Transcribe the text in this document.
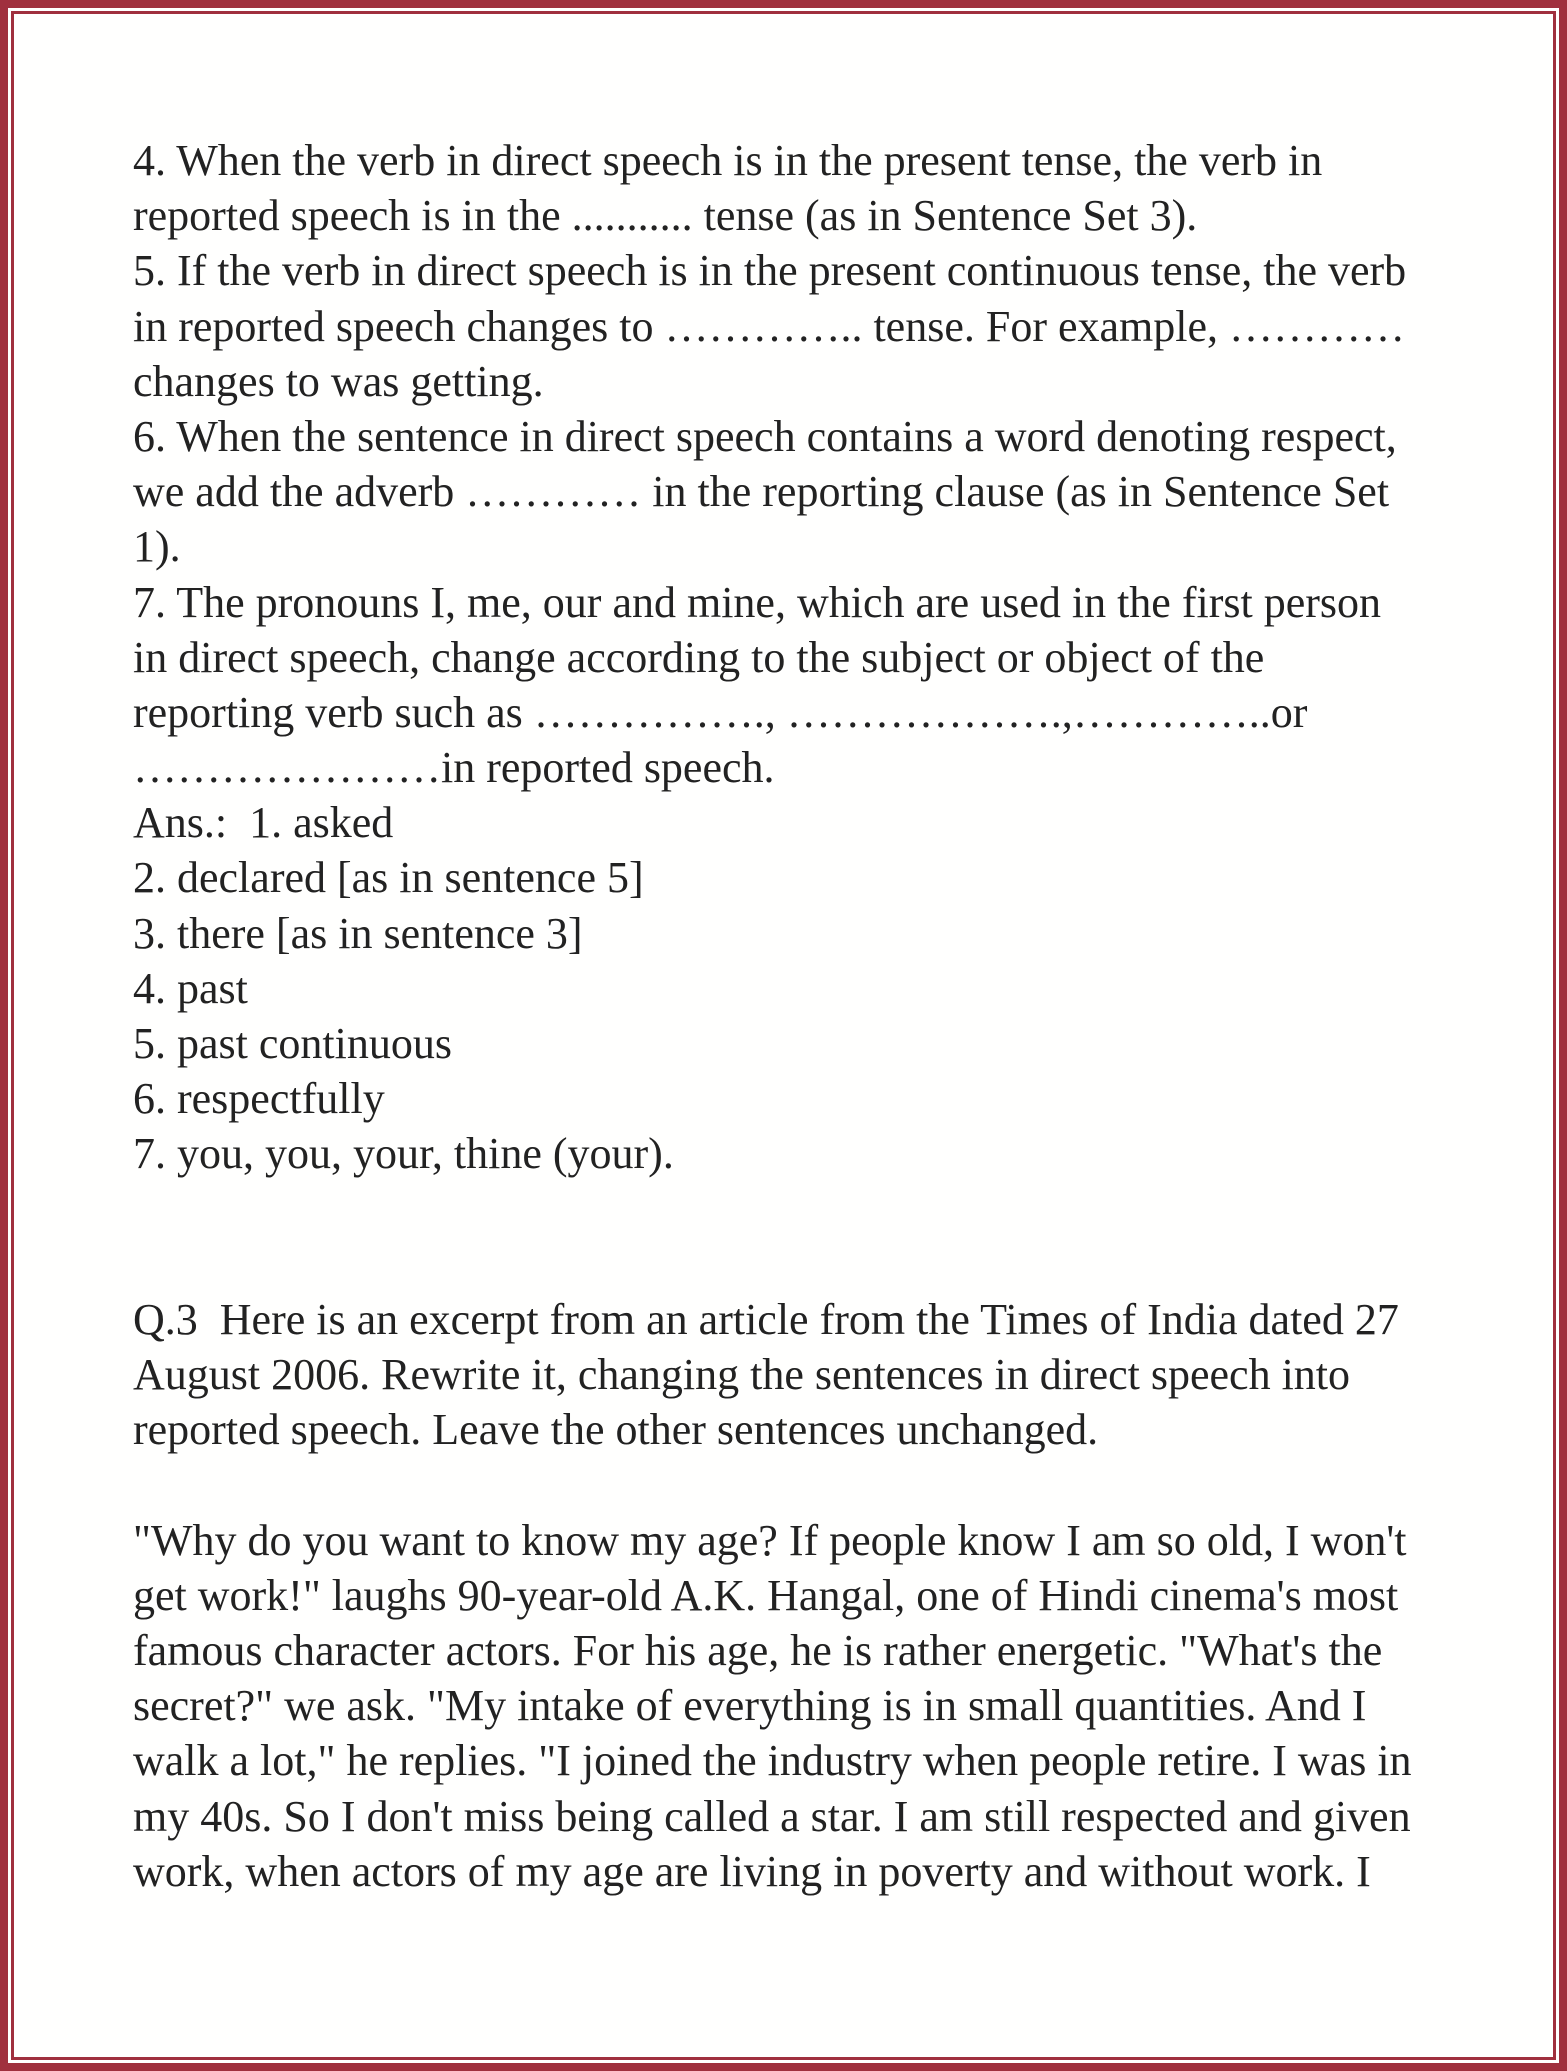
4. When the verb in direct speech is in the present tense, the verb in
reported speech is in the ........... tense (as in Sentence Set 3).
5. If the verb in direct speech is in the present continuous tense, the verb
in reported speech changes to ………….. tense. For example, …………
changes to was getting.
6. When the sentence in direct speech contains a word denoting respect,
we add the adverb ………… in the reporting clause (as in Sentence Set
1).
7. The pronouns I, me, our and mine, which are used in the first person
in direct speech, change according to the subject or object of the
reporting verb such as ……………., ……………….,…………..or
…………………in reported speech.
Ans.:  1. asked
2. declared [as in sentence 5]
3. there [as in sentence 3]
4. past
5. past continuous
6. respectfully
7. you, you, your, thine (your).
Q.3  Here is an excerpt from an article from the Times of India dated 27
August 2006. Rewrite it, changing the sentences in direct speech into
reported speech. Leave the other sentences unchanged.
"Why do you want to know my age? If people know I am so old, I won't
get work!" laughs 90-year-old A.K. Hangal, one of Hindi cinema's most
famous character actors. For his age, he is rather energetic. "What's the
secret?" we ask. "My intake of everything is in small quantities. And I
walk a lot," he replies. "I joined the industry when people retire. I was in
my 40s. So I don't miss being called a star. I am still respected and given
work, when actors of my age are living in poverty and without work. I
